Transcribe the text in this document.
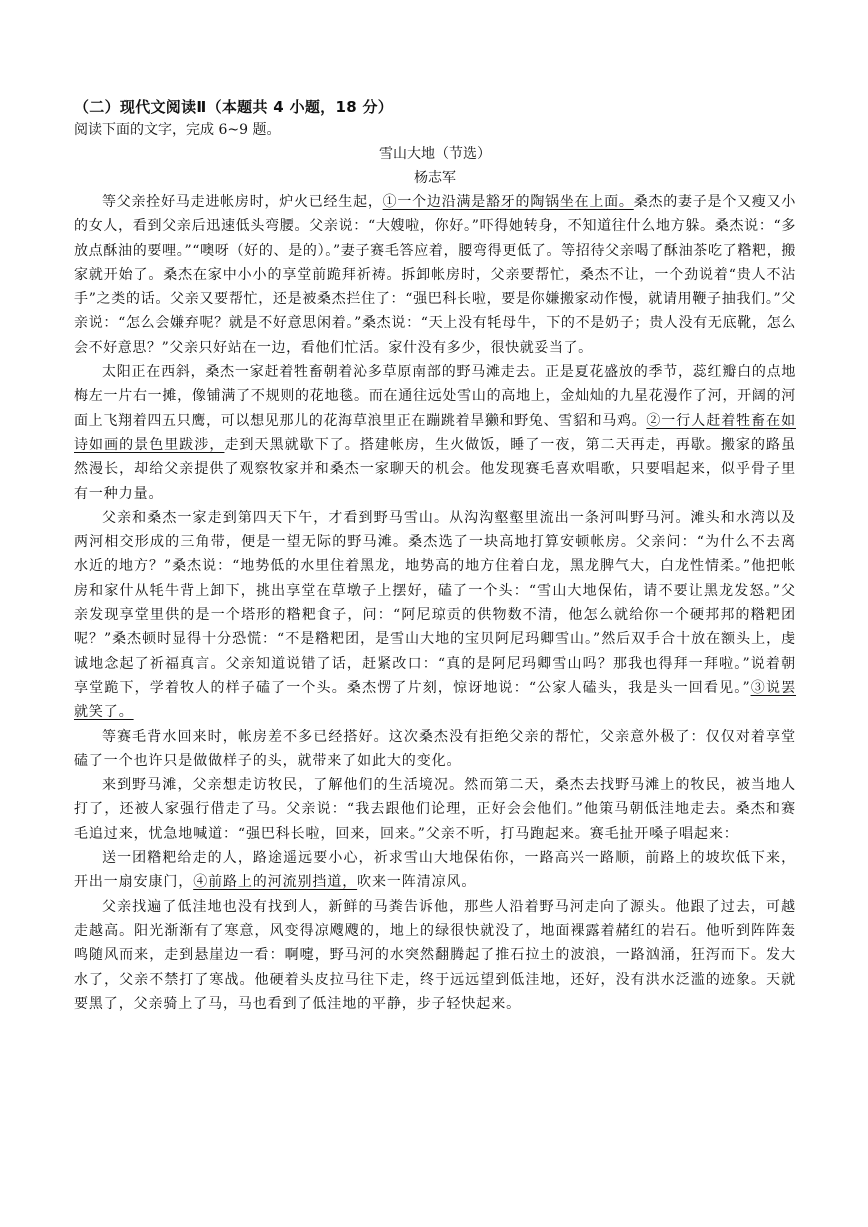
（二）现代文阅读Ⅱ（本题共 4 小题，18 分）

阅读下面的文字，完成 6~9 题。

雪山大地（节选）

杨志军

等父亲拴好马走进帐房时，炉火已经生起，①一个边沿满是豁牙的陶锅坐在上面。桑杰的妻子是个又瘦又小的女人，看到父亲后迅速低头弯腰。父亲说：“大嫂啦，你好。”吓得她转身，不知道往什么地方躲。桑杰说：“多放点酥油的要哩。”“噢呀（好的、是的）。”妻子赛毛答应着，腰弯得更低了。等招待父亲喝了酥油茶吃了糌粑，搬家就开始了。桑杰在家中小小的享堂前跪拜祈祷。拆卸帐房时，父亲要帮忙，桑杰不让，一个劲说着“贵人不沾手”之类的话。父亲又要帮忙，还是被桑杰拦住了：“强巴科长啦，要是你嫌搬家动作慢，就请用鞭子抽我们。”父亲说：“怎么会嫌弃呢？就是不好意思闲着。”桑杰说：“天上没有牦母牛，下的不是奶子；贵人没有无底靴，怎么会不好意思？”父亲只好站在一边，看他们忙活。家什没有多少，很快就妥当了。

太阳正在西斜，桑杰一家赶着牲畜朝着沁多草原南部的野马滩走去。正是夏花盛放的季节，蕊红瓣白的点地梅左一片右一摊，像铺满了不规则的花地毯。而在通往远处雪山的高地上，金灿灿的九星花漫作了河，开阔的河面上飞翔着四五只鹰，可以想见那儿的花海草浪里正在蹦跳着旱獭和野兔、雪貂和马鸡。②一行人赶着牲畜在如诗如画的景色里跋涉，走到天黑就歇下了。搭建帐房，生火做饭，睡了一夜，第二天再走，再歇。搬家的路虽然漫长，却给父亲提供了观察牧家并和桑杰一家聊天的机会。他发现赛毛喜欢唱歌，只要唱起来，似乎骨子里有一种力量。

父亲和桑杰一家走到第四天下午，才看到野马雪山。从沟沟壑壑里流出一条河叫野马河。滩头和水湾以及两河相交形成的三角带，便是一望无际的野马滩。桑杰选了一块高地打算安顿帐房。父亲问：“为什么不去离水近的地方？”桑杰说：“地势低的水里住着黑龙，地势高的地方住着白龙，黑龙脾气大，白龙性情柔。”他把帐房和家什从牦牛背上卸下，挑出享堂在草墩子上摆好，磕了一个头：“雪山大地保佑，请不要让黑龙发怒。”父亲发现享堂里供的是一个塔形的糌粑食子，问：“阿尼琼贡的供物数不清，他怎么就给你一个硬邦邦的糌粑团呢？”桑杰顿时显得十分恐慌：“不是糌粑团，是雪山大地的宝贝阿尼玛卿雪山。”然后双手合十放在额头上，虔诚地念起了祈福真言。父亲知道说错了话，赶紧改口：“真的是阿尼玛卿雪山吗？那我也得拜一拜啦。”说着朝享堂跪下，学着牧人的样子磕了一个头。桑杰愣了片刻，惊讶地说：“公家人磕头，我是头一回看见。”③说罢就笑了。

等赛毛背水回来时，帐房差不多已经搭好。这次桑杰没有拒绝父亲的帮忙，父亲意外极了：仅仅对着享堂磕了一个也许只是做做样子的头，就带来了如此大的变化。

来到野马滩，父亲想走访牧民，了解他们的生活境况。然而第二天，桑杰去找野马滩上的牧民，被当地人打了，还被人家强行借走了马。父亲说：“我去跟他们论理，正好会会他们。”他策马朝低洼地走去。桑杰和赛毛追过来，忧急地喊道：“强巴科长啦，回来，回来。”父亲不听，打马跑起来。赛毛扯开嗓子唱起来：

送一团糌粑给走的人，路途遥远要小心，祈求雪山大地保佑你，一路高兴一路顺，前路上的坡坎低下来，开出一扇安康门，④前路上的河流别挡道，吹来一阵清凉风。

父亲找遍了低洼地也没有找到人，新鲜的马粪告诉他，那些人沿着野马河走向了源头。他跟了过去，可越走越高。阳光渐渐有了寒意，风变得凉飕飕的，地上的绿很快就没了，地面裸露着赭红的岩石。他听到阵阵轰鸣随风而来，走到悬崖边一看：啊嚏，野马河的水突然翻腾起了推石拉土的波浪，一路汹涌，狂泻而下。发大水了，父亲不禁打了寒战。他硬着头皮拉马往下走，终于远远望到低洼地，还好，没有洪水泛滥的迹象。天就要黑了，父亲骑上了马，马也看到了低洼地的平静，步子轻快起来。
